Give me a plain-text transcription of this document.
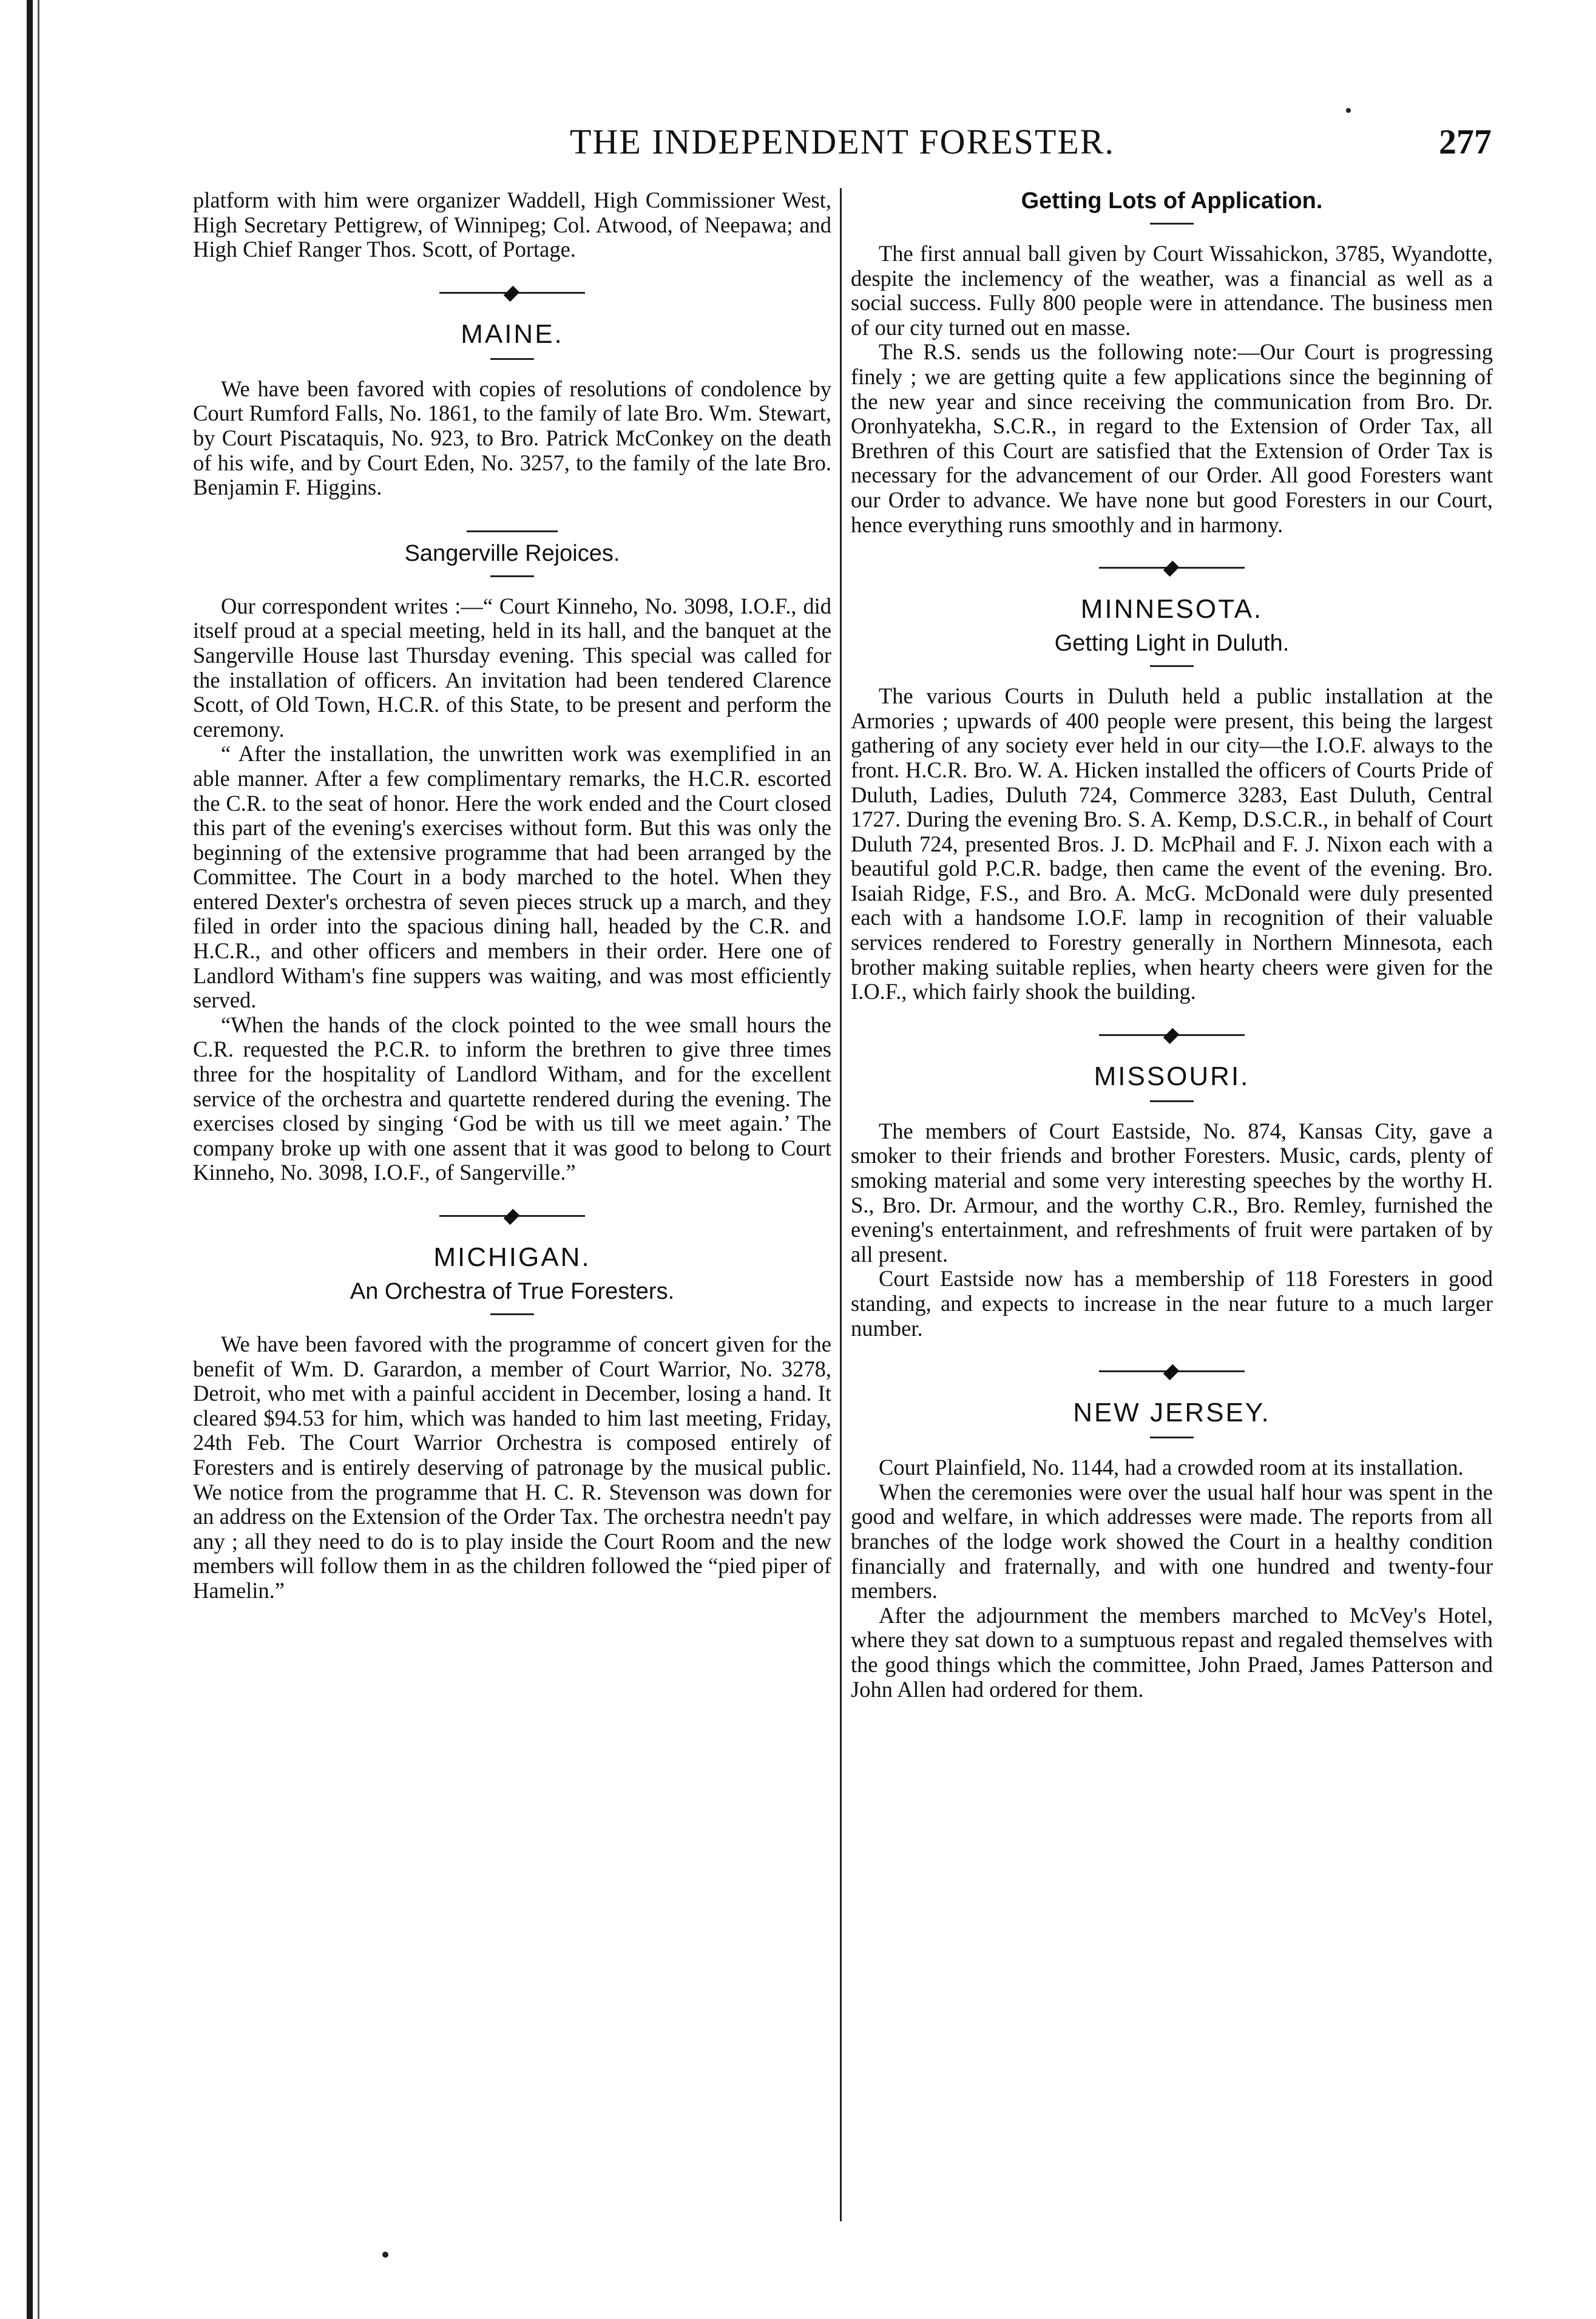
THE INDEPENDENT FORESTER.	277

platform with him were organizer Waddell, High Commissioner West, High Secretary Pettigrew, of Winnipeg; Col. Atwood, of Neepawa; and High Chief Ranger Thos. Scott, of Portage.

MAINE.

We have been favored with copies of resolutions of condolence by Court Rumford Falls, No. 1861, to the family of late Bro. Wm. Stewart, by Court Piscataquis, No. 923, to Bro. Patrick McConkey on the death of his wife, and by Court Eden, No. 3257, to the family of the late Bro. Benjamin F. Higgins.

Sangerville Rejoices.

Our correspondent writes :—“ Court Kinneho, No. 3098, I.O.F., did itself proud at a special meeting, held in its hall, and the banquet at the Sangerville House last Thursday evening. This special was called for the installation of officers. An invitation had been tendered Clarence Scott, of Old Town, H.C.R. of this State, to be present and perform the ceremony.

“ After the installation, the unwritten work was exemplified in an able manner. After a few complimentary remarks, the H.C.R. escorted the C.R. to the seat of honor. Here the work ended and the Court closed this part of the evening's exercises without form. But this was only the beginning of the extensive programme that had been arranged by the Committee. The Court in a body marched to the hotel. When they entered Dexter's orchestra of seven pieces struck up a march, and they filed in order into the spacious dining hall, headed by the C.R. and H.C.R., and other officers and members in their order. Here one of Landlord Witham's fine suppers was waiting, and was most efficiently served.

“When the hands of the clock pointed to the wee small hours the C.R. requested the P.C.R. to inform the brethren to give three times three for the hospitality of Landlord Witham, and for the excellent service of the orchestra and quartette rendered during the evening. The exercises closed by singing ‘God be with us till we meet again.’ The company broke up with one assent that it was good to belong to Court Kinneho, No. 3098, I.O.F., of Sangerville.”

MICHIGAN.
An Orchestra of True Foresters.

We have been favored with the programme of concert given for the benefit of Wm. D. Garardon, a member of Court Warrior, No. 3278, Detroit, who met with a painful accident in December, losing a hand. It cleared $94.53 for him, which was handed to him last meeting, Friday, 24th Feb. The Court Warrior Orchestra is composed entirely of Foresters and is entirely deserving of patronage by the musical public. We notice from the programme that H. C. R. Stevenson was down for an address on the Extension of the Order Tax. The orchestra needn't pay any ; all they need to do is to play inside the Court Room and the new members will follow them in as the children followed the “pied piper of Hamelin.”

Getting Lots of Application.

The first annual ball given by Court Wissahickon, 3785, Wyandotte, despite the inclemency of the weather, was a financial as well as a social success. Fully 800 people were in attendance. The business men of our city turned out en masse.

The R.S. sends us the following note:—Our Court is progressing finely ; we are getting quite a few applications since the beginning of the new year and since receiving the communication from Bro. Dr. Oronhyatekha, S.C.R., in regard to the Extension of Order Tax, all Brethren of this Court are satisfied that the Extension of Order Tax is necessary for the advancement of our Order. All good Foresters want our Order to advance. We have none but good Foresters in our Court, hence everything runs smoothly and in harmony.

MINNESOTA.
Getting Light in Duluth.

The various Courts in Duluth held a public installation at the Armories ; upwards of 400 people were present, this being the largest gathering of any society ever held in our city—the I.O.F. always to the front. H.C.R. Bro. W. A. Hicken installed the officers of Courts Pride of Duluth, Ladies, Duluth 724, Commerce 3283, East Duluth, Central 1727. During the evening Bro. S. A. Kemp, D.S.C.R., in behalf of Court Duluth 724, presented Bros. J. D. McPhail and F. J. Nixon each with a beautiful gold P.C.R. badge, then came the event of the evening. Bro. Isaiah Ridge, F.S., and Bro. A. McG. McDonald were duly presented each with a handsome I.O.F. lamp in recognition of their valuable services rendered to Forestry generally in Northern Minnesota, each brother making suitable replies, when hearty cheers were given for the I.O.F., which fairly shook the building.

MISSOURI.

The members of Court Eastside, No. 874, Kansas City, gave a smoker to their friends and brother Foresters. Music, cards, plenty of smoking material and some very interesting speeches by the worthy H. S., Bro. Dr. Armour, and the worthy C.R., Bro. Remley, furnished the evening's entertainment, and refreshments of fruit were partaken of by all present.

Court Eastside now has a membership of 118 Foresters in good standing, and expects to increase in the near future to a much larger number.

NEW JERSEY.

Court Plainfield, No. 1144, had a crowded room at its installation.

When the ceremonies were over the usual half hour was spent in the good and welfare, in which addresses were made. The reports from all branches of the lodge work showed the Court in a healthy condition financially and fraternally, and with one hundred and twenty-four members.

After the adjournment the members marched to McVey's Hotel, where they sat down to a sumptuous repast and regaled themselves with the good things which the committee, John Praed, James Patterson and John Allen had ordered for them.
